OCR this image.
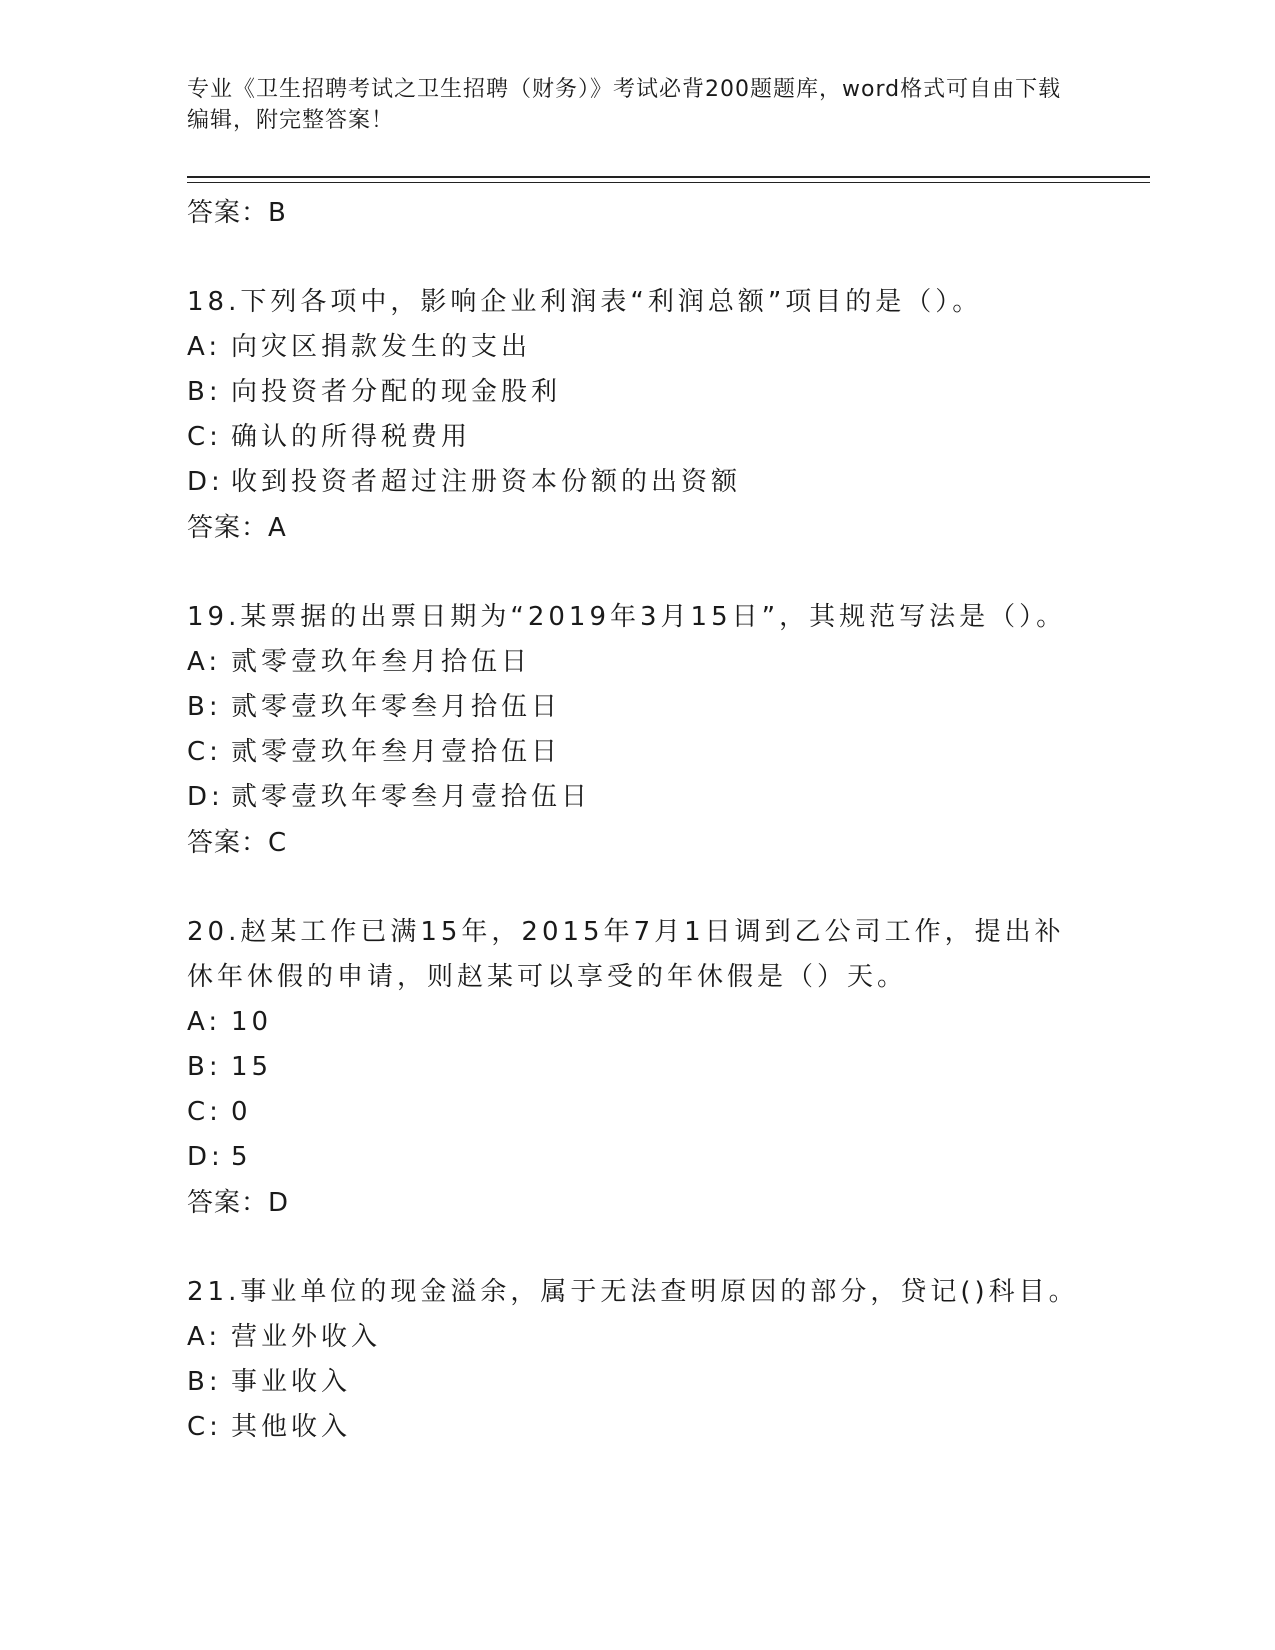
专业《卫生招聘考试之卫生招聘（财务）》考试必背200题题库，word格式可自由下载编辑，附完整答案！
答案：B
18.下列各项中，影响企业利润表“利润总额”项目的是（）。
A: 向灾区捐款发生的支出
B: 向投资者分配的现金股利
C: 确认的所得税费用
D: 收到投资者超过注册资本份额的出资额
答案：A
19.某票据的出票日期为“2019年3月15日”，其规范写法是（）。
A: 贰零壹玖年叁月拾伍日
B: 贰零壹玖年零叁月拾伍日
C: 贰零壹玖年叁月壹拾伍日
D: 贰零壹玖年零叁月壹拾伍日
答案：C
20.赵某工作已满15年，2015年7月1日调到乙公司工作，提出补休年休假的申请，则赵某可以享受的年休假是（）天。
A: 10
B: 15
C: 0
D: 5
答案：D
21.事业单位的现金溢余，属于无法查明原因的部分，贷记()科目。
A: 营业外收入
B: 事业收入
C: 其他收入
